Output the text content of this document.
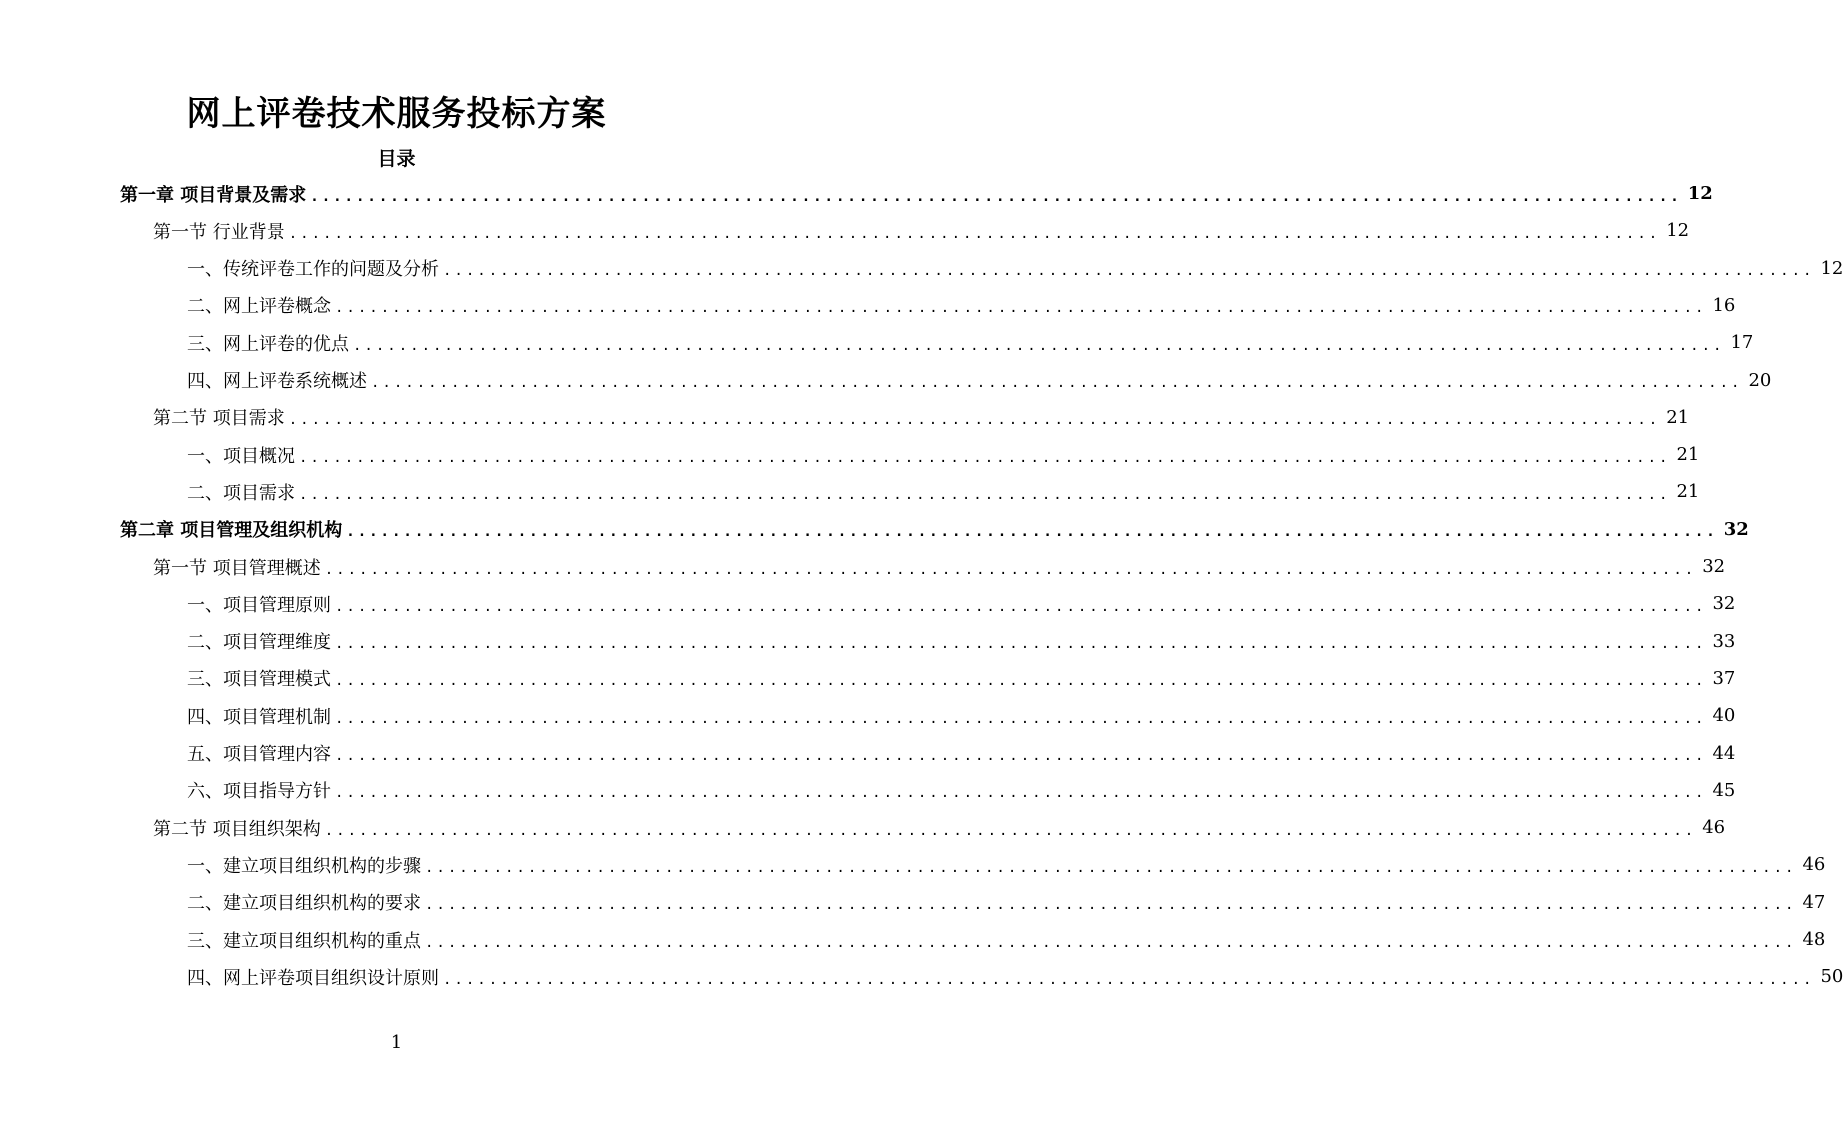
网上评卷技术服务投标方案
目录
第一章 项目背景及需求 ........................................................................................................................ 12
第一节 行业背景 ........................................................................................................................ 12
一、传统评卷工作的问题及分析 ........................................................................................................................ 12
二、网上评卷概念 ........................................................................................................................ 16
三、网上评卷的优点 ........................................................................................................................ 17
四、网上评卷系统概述 ........................................................................................................................ 20
第二节 项目需求 ........................................................................................................................ 21
一、项目概况 ........................................................................................................................ 21
二、项目需求 ........................................................................................................................ 21
第二章 项目管理及组织机构 ........................................................................................................................ 32
第一节 项目管理概述 ........................................................................................................................ 32
一、项目管理原则 ........................................................................................................................ 32
二、项目管理维度 ........................................................................................................................ 33
三、项目管理模式 ........................................................................................................................ 37
四、项目管理机制 ........................................................................................................................ 40
五、项目管理内容 ........................................................................................................................ 44
六、项目指导方针 ........................................................................................................................ 45
第二节 项目组织架构 ........................................................................................................................ 46
一、建立项目组织机构的步骤 ........................................................................................................................ 46
二、建立项目组织机构的要求 ........................................................................................................................ 47
三、建立项目组织机构的重点 ........................................................................................................................ 48
四、网上评卷项目组织设计原则 ........................................................................................................................ 50
1
